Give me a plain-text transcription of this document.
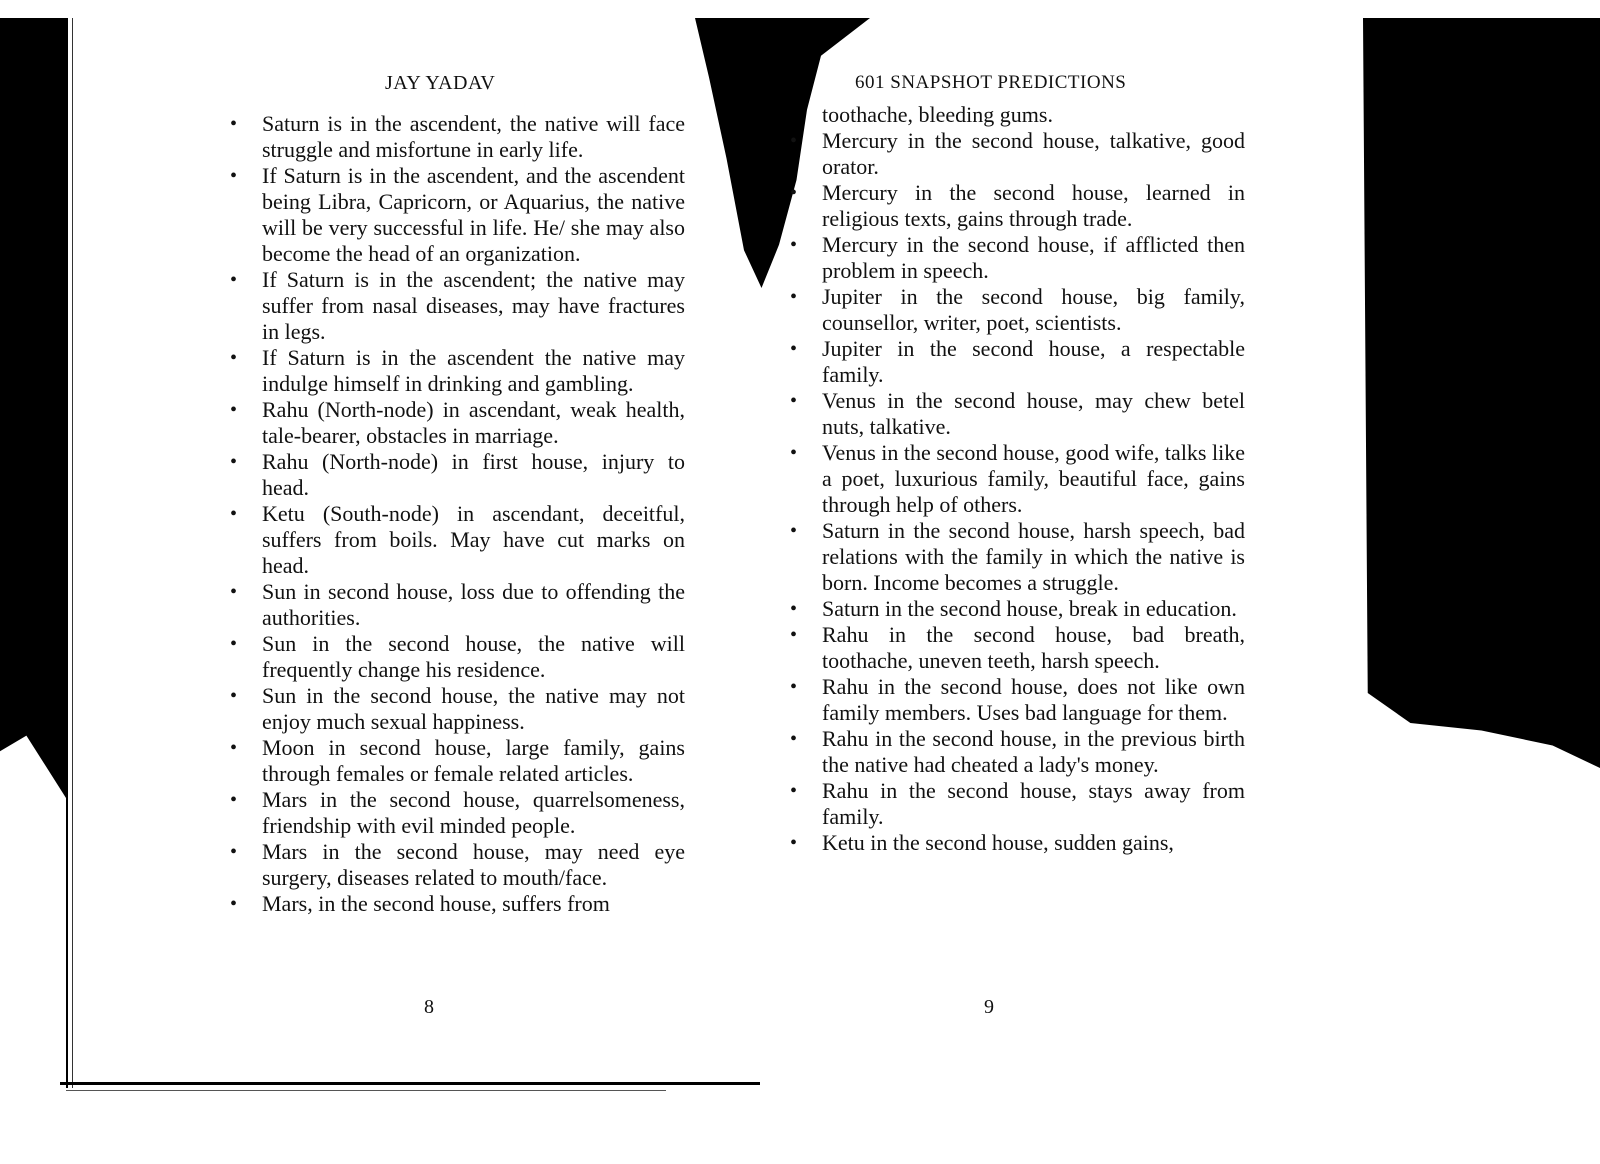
JAY YADAV
• Saturn is in the ascendent, the native will face struggle and misfortune in early life.
• If Saturn is in the ascendent, and the ascendent being Libra, Capricorn, or Aquarius, the native will be very successful in life. He/ she may also become the head of an organization.
• If Saturn is in the ascendent; the native may suffer from nasal diseases, may have fractures in legs.
• If Saturn is in the ascendent the native may indulge himself in drinking and gambling.
• Rahu (North-node) in ascendant, weak health, tale-bearer, obstacles in marriage.
• Rahu (North-node) in first house, injury to head.
• Ketu (South-node) in ascendant, deceitful, suffers from boils. May have cut marks on head.
• Sun in second house, loss due to offending the authorities.
• Sun in the second house, the native will frequently change his residence.
• Sun in the second house, the native may not enjoy much sexual happiness.
• Moon in second house, large family, gains through females or female related articles.
• Mars in the second house, quarrelsomeness, friendship with evil minded people.
• Mars in the second house, may need eye surgery, diseases related to mouth/face.
• Mars, in the second house, suffers from
8
601 SNAPSHOT PREDICTIONS
toothache, bleeding gums.
• Mercury in the second house, talkative, good orator.
• Mercury in the second house, learned in religious texts, gains through trade.
• Mercury in the second house, if afflicted then problem in speech.
• Jupiter in the second house, big family, counsellor, writer, poet, scientists.
• Jupiter in the second house, a respectable family.
• Venus in the second house, may chew betel nuts, talkative.
• Venus in the second house, good wife, talks like a poet, luxurious family, beautiful face, gains through help of others.
• Saturn in the second house, harsh speech, bad relations with the family in which the native is born. Income becomes a struggle.
• Saturn in the second house, break in education.
• Rahu in the second house, bad breath, toothache, uneven teeth, harsh speech.
• Rahu in the second house, does not like own family members. Uses bad language for them.
• Rahu in the second house, in the previous birth the native had cheated a lady's money.
• Rahu in the second house, stays away from family.
• Ketu in the second house, sudden gains,
9
